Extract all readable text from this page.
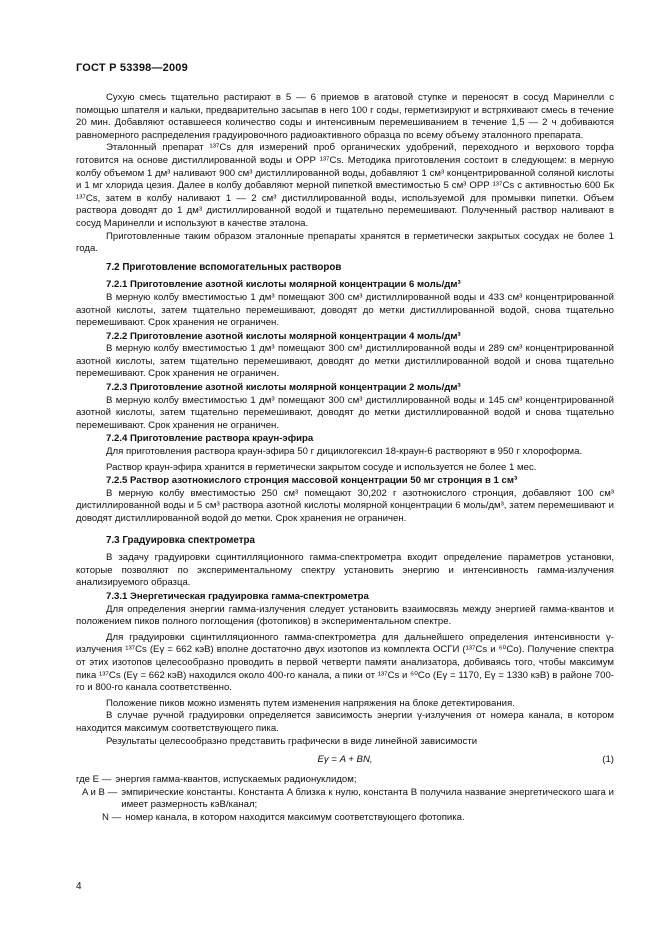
ГОСТ Р 53398—2009

Сухую смесь тщательно растирают в 5 — 6 приемов в агатовой ступке и переносят в сосуд Маринелли с помощью шпателя и кальки, предварительно засыпав в него 100 г соды, герметизируют и встряхивают смесь в течение 20 мин. Добавляют оставшееся количество соды и интенсивным перемешиванием в течение 1,5 — 2 ч добиваются равномерного распределения градуировочного радиоактивного образца по всему объему эталонного препарата.

Эталонный препарат ¹³⁷Cs для измерений проб органических удобрений, переходного и верхового торфа готовится на основе дистиллированной воды и ОРР ¹³⁷Cs. Методика приготовления состоит в следующем: в мерную колбу объемом 1 дм³ наливают 900 см³ дистиллированной воды, добавляют 1 см³ концентрированной соляной кислоты и 1 мг хлорида цезия. Далее в колбу добавляют мерной пипеткой вместимостью 5 см³ ОРР ¹³⁷Cs с активностью 600 Бк ¹³⁷Cs, затем в колбу наливают 1 — 2 см³ дистиллированной воды, используемой для промывки пипетки. Объем раствора доводят до 1 дм³ дистиллированной водой и тщательно перемешивают. Полученный раствор наливают в сосуд Маринелли и используют в качестве эталона.

Приготовленные таким образом эталонные препараты хранятся в герметически закрытых сосудах не более 1 года.

7.2 Приготовление вспомогательных растворов
7.2.1 Приготовление азотной кислоты молярной концентрации 6 моль/дм³

В мерную колбу вместимостью 1 дм³ помещают 300 см³ дистиллированной воды и 433 см³ концентрированной азотной кислоты, затем тщательно перемешивают, доводят до метки дистиллированной водой, снова тщательно перемешивают. Срок хранения не ограничен.

7.2.2 Приготовление азотной кислоты молярной концентрации 4 моль/дм³

В мерную колбу вместимостью 1 дм³ помещают 300 см³ дистиллированной воды и 289 см³ концентрированной азотной кислоты, затем тщательно перемешивают, доводят до метки дистиллированной водой и снова тщательно перемешивают. Срок хранения не ограничен.

7.2.3 Приготовление азотной кислоты молярной концентрации 2 моль/дм³

В мерную колбу вместимостью 1 дм³ помещают 300 см³ дистиллированной воды и 145 см³ концентрированной азотной кислоты, затем тщательно перемешивают, доводят до метки дистиллированной водой и снова тщательно перемешивают. Срок хранения не ограничен.

7.2.4 Приготовление раствора краун-эфира

Для приготовления раствора краун-эфира 50 г дициклогексил 18-краун-6 растворяют в 950 г хлороформа.

Раствор краун-эфира хранится в герметически закрытом сосуде и используется не более 1 мес.

7.2.5 Раствор азотнокислого стронция массовой концентрации 50 мг стронция в 1 см³

В мерную колбу вместимостью 250 см³ помещают 30,202 г азотнокислого стронция, добавляют 100 см³ дистиллированной воды и 5 см³ раствора азотной кислоты молярной концентрации 6 моль/дм³, затем перемешивают и доводят дистиллированной водой до метки. Срок хранения не ограничен.

7.3 Градуировка спектрометра

В задачу градуировки сцинтилляционного гамма-спектрометра входит определение параметров установки, которые позволяют по экспериментальному спектру установить энергию и интенсивность гамма-излучения анализируемого образца.

7.3.1 Энергетическая градуировка гамма-спектрометра

Для определения энергии гамма-излучения следует установить взаимосвязь между энергией гамма-квантов и положением пиков полного поглощения (фотопиков) в экспериментальном спектре.

Для градуировки сцинтилляционного гамма-спектрометра для дальнейшего определения интенсивности γ-излучения ¹³⁷Cs (Eγ = 662 кэВ) вполне достаточно двух изотопов из комплекта ОСГИ (¹³⁷Cs и ⁶⁰Co). Получение спектра от этих изотопов целесообразно проводить в первой четверти памяти анализатора, добиваясь того, чтобы максимум пика ¹³⁷Cs (Eγ = 662 кэВ) находился около 400-го канала, а пики от ¹³⁷Cs и ⁶⁰Co (Eγ = 1170, Eγ = 1330 кэВ) в районе 700-го и 800-го канала соответственно.

Положение пиков можно изменять путем изменения напряжения на блоке детектирования.

В случае ручной градуировки определяется зависимость энергии γ-излучения от номера канала, в котором находится максимум соответствующего пика.

Результаты целесообразно представить графически в виде линейной зависимости

Eγ = A + BN,	(1)
где E — энергия гамма-квантов, испускаемых радионуклидом;
A и B — эмпирические константы. Константа A близка к нулю, константа B получила название энергетического шага и имеет размерность кэВ/канал;
N — номер канала, в котором находится максимум соответствующего фотопика.
4
